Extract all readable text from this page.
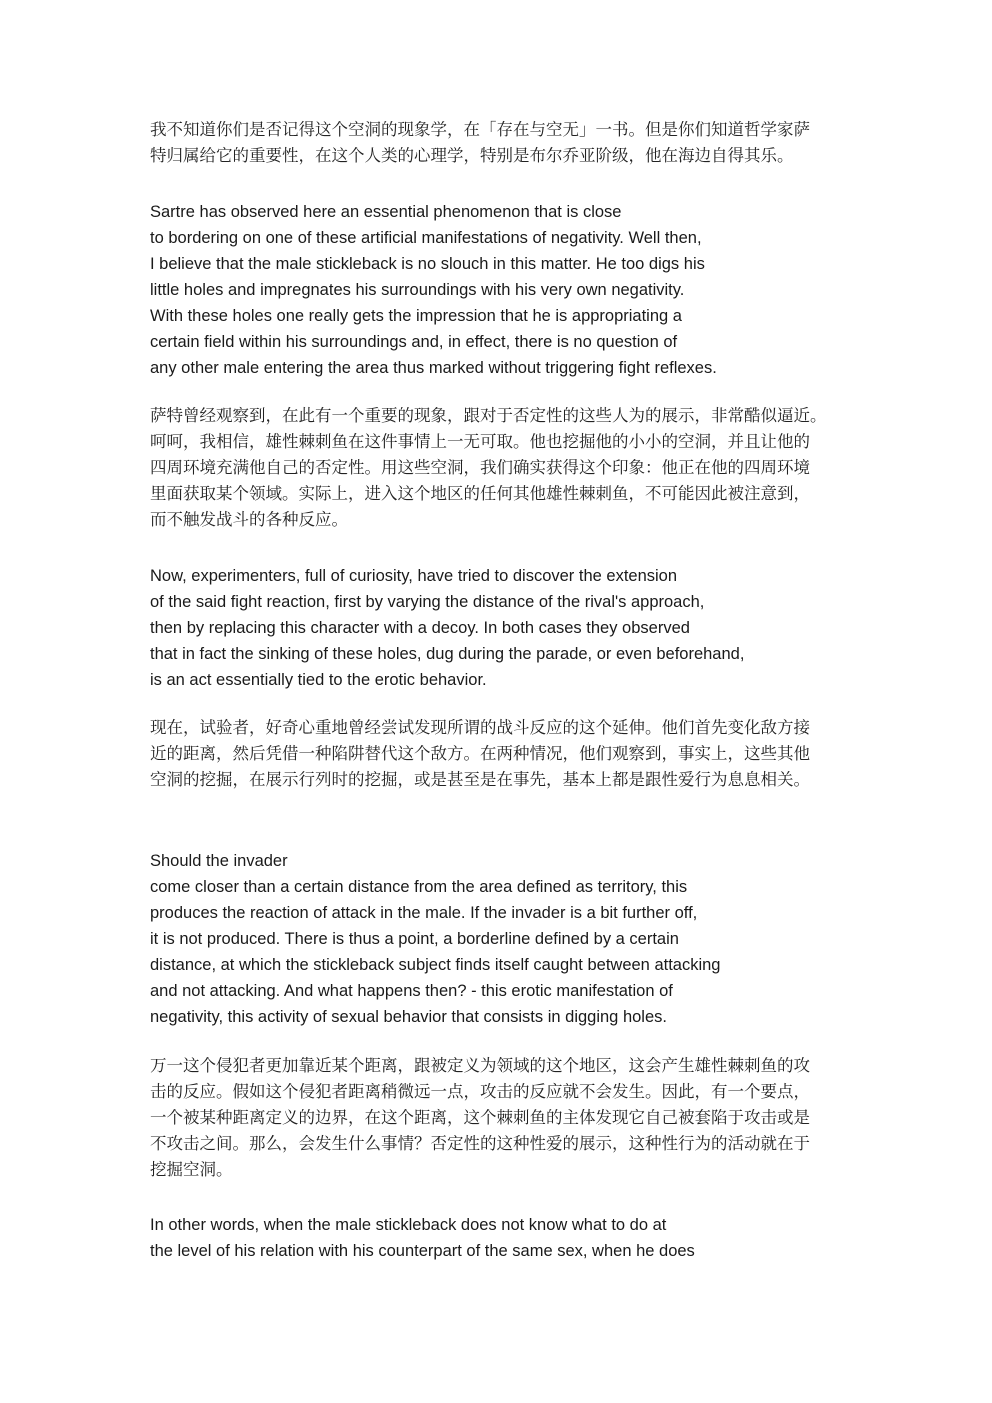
我不知道你们是否记得这个空洞的现象学，在「存在与空无」一书。但是你们知道哲学家萨
特归属给它的重要性，在这个人类的心理学，特别是布尔乔亚阶级，他在海边自得其乐。
Sartre has observed here an essential phenomenon that is close
to bordering on one of these artificial manifestations of negativity. Well then,
I believe that the male stickleback is no slouch in this matter. He too digs his
little holes and impregnates his surroundings with his very own negativity.
With these holes one really gets the impression that he is appropriating a
certain field within his surroundings and, in effect, there is no question of
any other male entering the area thus marked without triggering fight reflexes.
萨特曾经观察到，在此有一个重要的现象，跟对于否定性的这些人为的展示，非常酷似逼近。
呵呵，我相信，雄性棘刺鱼在这件事情上一无可取。他也挖掘他的小小的空洞，并且让他的
四周环境充满他自己的否定性。用这些空洞，我们确实获得这个印象：他正在他的四周环境
里面获取某个领域。实际上，进入这个地区的任何其他雄性棘刺鱼，不可能因此被注意到，
而不触发战斗的各种反应。
Now, experimenters, full of curiosity, have tried to discover the extension
of the said fight reaction, first by varying the distance of the rival's approach,
then by replacing this character with a decoy. In both cases they observed
that in fact the sinking of these holes, dug during the parade, or even beforehand,
is an act essentially tied to the erotic behavior.
现在，试验者，好奇心重地曾经尝试发现所谓的战斗反应的这个延伸。他们首先变化敌方接
近的距离，然后凭借一种陷阱替代这个敌方。在两种情况，他们观察到，事实上，这些其他
空洞的挖掘，在展示行列时的挖掘，或是甚至是在事先，基本上都是跟性爱行为息息相关。
Should the invader
come closer than a certain distance from the area defined as territory, this
produces the reaction of attack in the male. If the invader is a bit further off,
it is not produced. There is thus a point, a borderline defined by a certain
distance, at which the stickleback subject finds itself caught between attacking
and not attacking. And what happens then? - this erotic manifestation of
negativity, this activity of sexual behavior that consists in digging holes.
万一这个侵犯者更加靠近某个距离，跟被定义为领域的这个地区，这会产生雄性棘刺鱼的攻
击的反应。假如这个侵犯者距离稍微远一点，攻击的反应就不会发生。因此，有一个要点，
一个被某种距离定义的边界，在这个距离，这个棘刺鱼的主体发现它自己被套陷于攻击或是
不攻击之间。那么，会发生什么事情？否定性的这种性爱的展示，这种性行为的活动就在于
挖掘空洞。
In other words, when the male stickleback does not know what to do at
the level of his relation with his counterpart of the same sex, when he does
